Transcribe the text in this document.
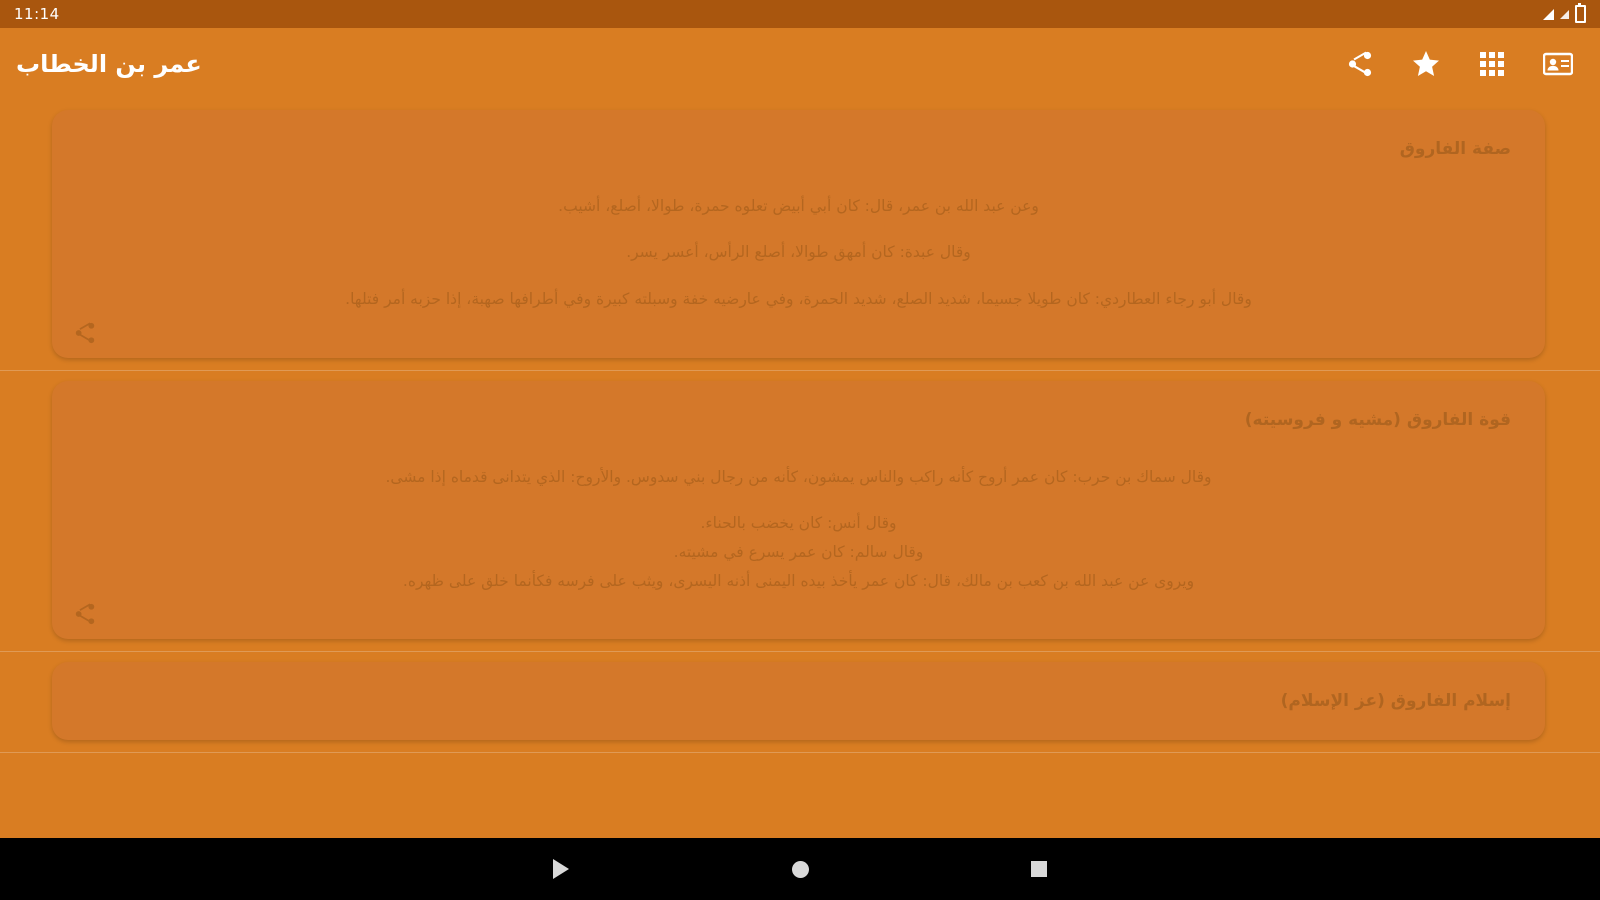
11:14
عمر بن الخطاب
صفة الفاروق

وعن عبد الله بن عمر، قال: كان أبي أبيض تعلوه حمرة، طوالا، أصلع، أشيب.

وقال عبدة: كان أمهق طوالا، أصلع الرأس، أعسر يسر.

وقال أبو رجاء العطاردي: كان طويلا جسيما، شديد الصلع، شديد الحمرة، وفي عارضيه خفة وسبلته كبيرة وفي أطرافها صهبة، إذا حزبه أمر فتلها.

قوة الفاروق (مشيه و فروسيته)

وقال سماك بن حرب: كان عمر أروح كأنه راكب والناس يمشون، كأنه من رجال بني سدوس. والأروح: الذي يتدانى قدماه إذا مشى.

وقال أنس: كان يخضب بالحناء.

وقال سالم: كان عمر يسرع في مشيته.

ويروى عن عبد الله بن كعب بن مالك، قال: كان عمر يأخذ بيده اليمنى أذنه اليسرى، ويثب على فرسه فكأنما خلق على ظهره.

إسلام الفاروق (عز الإسلام)
